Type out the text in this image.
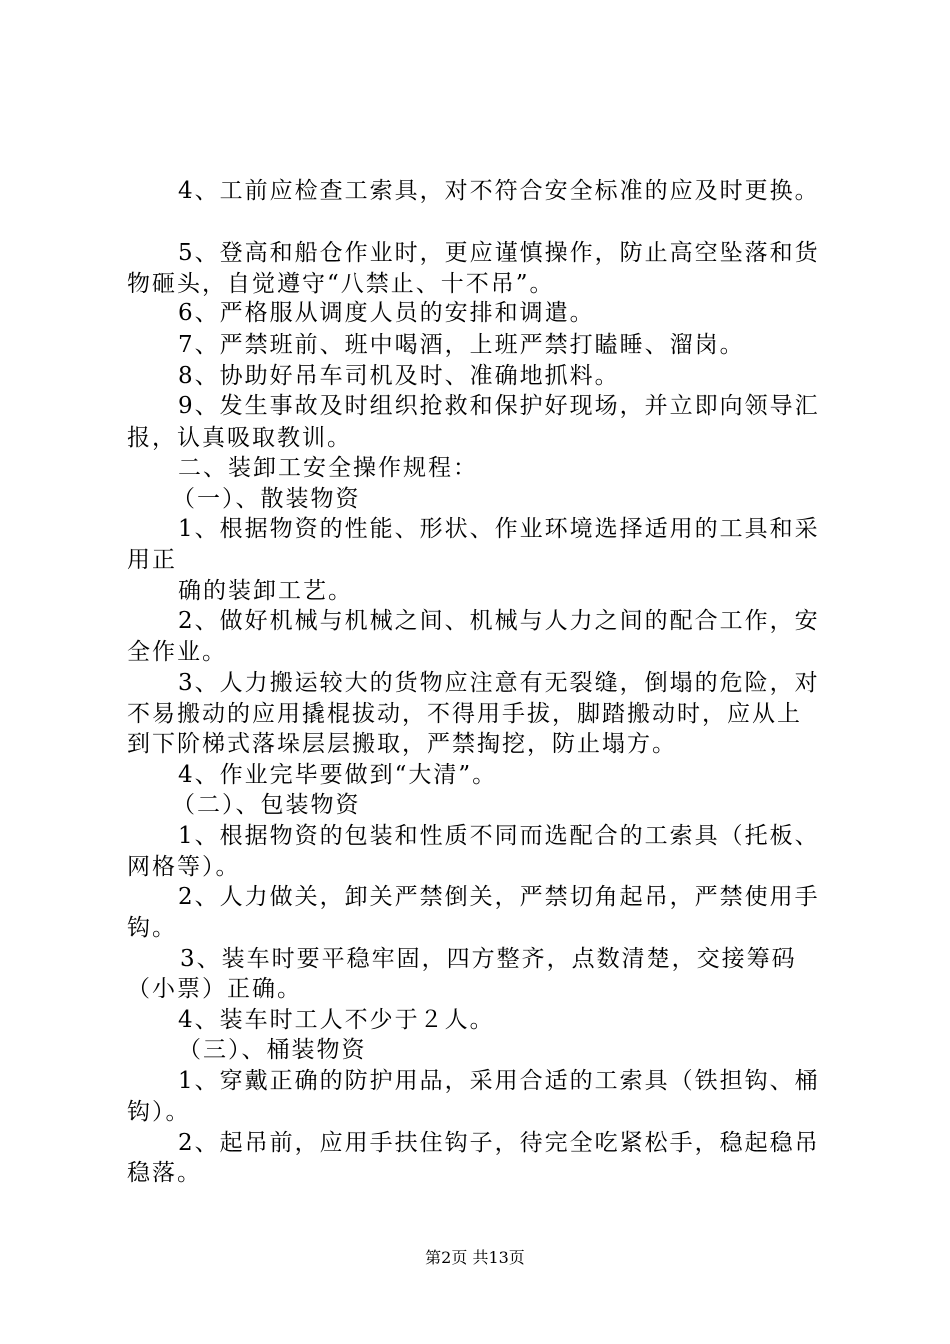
4、工前应检查工索具，对不符合安全标准的应及时更换。
5、登高和船仓作业时，更应谨慎操作，防止高空坠落和货
物砸头，自觉遵守“八禁止、十不吊”。
6、严格服从调度人员的安排和调遣。
7、严禁班前、班中喝酒，上班严禁打瞌睡、溜岗。
8、协助好吊车司机及时、准确地抓料。
9、发生事故及时组织抢救和保护好现场，并立即向领导汇
报，认真吸取教训。
二、装卸工安全操作规程：
（一）、散装物资
1、根据物资的性能、形状、作业环境选择适用的工具和采
用正
确的装卸工艺。
2、做好机械与机械之间、机械与人力之间的配合工作，安
全作业。
3、人力搬运较大的货物应注意有无裂缝，倒塌的危险，对
不易搬动的应用撬棍拔动，不得用手拔，脚踏搬动时，应从上
到下阶梯式落垛层层搬取，严禁掏挖，防止塌方。
4、作业完毕要做到“大清”。
（二）、包装物资
1、根据物资的包装和性质不同而选配合的工索具（托板、
网格等）。
2、人力做关，卸关严禁倒关，严禁切角起吊，严禁使用手
钩。
3、装车时要平稳牢固，四方整齐，点数清楚，交接筹码
（小票）正确。
4、装车时工人不少于２人。
（三）、桶装物资
1、穿戴正确的防护用品，采用合适的工索具（铁担钩、桶
钩）。
2、起吊前，应用手扶住钩子，待完全吃紧松手，稳起稳吊
稳落。
第2页 共13页
